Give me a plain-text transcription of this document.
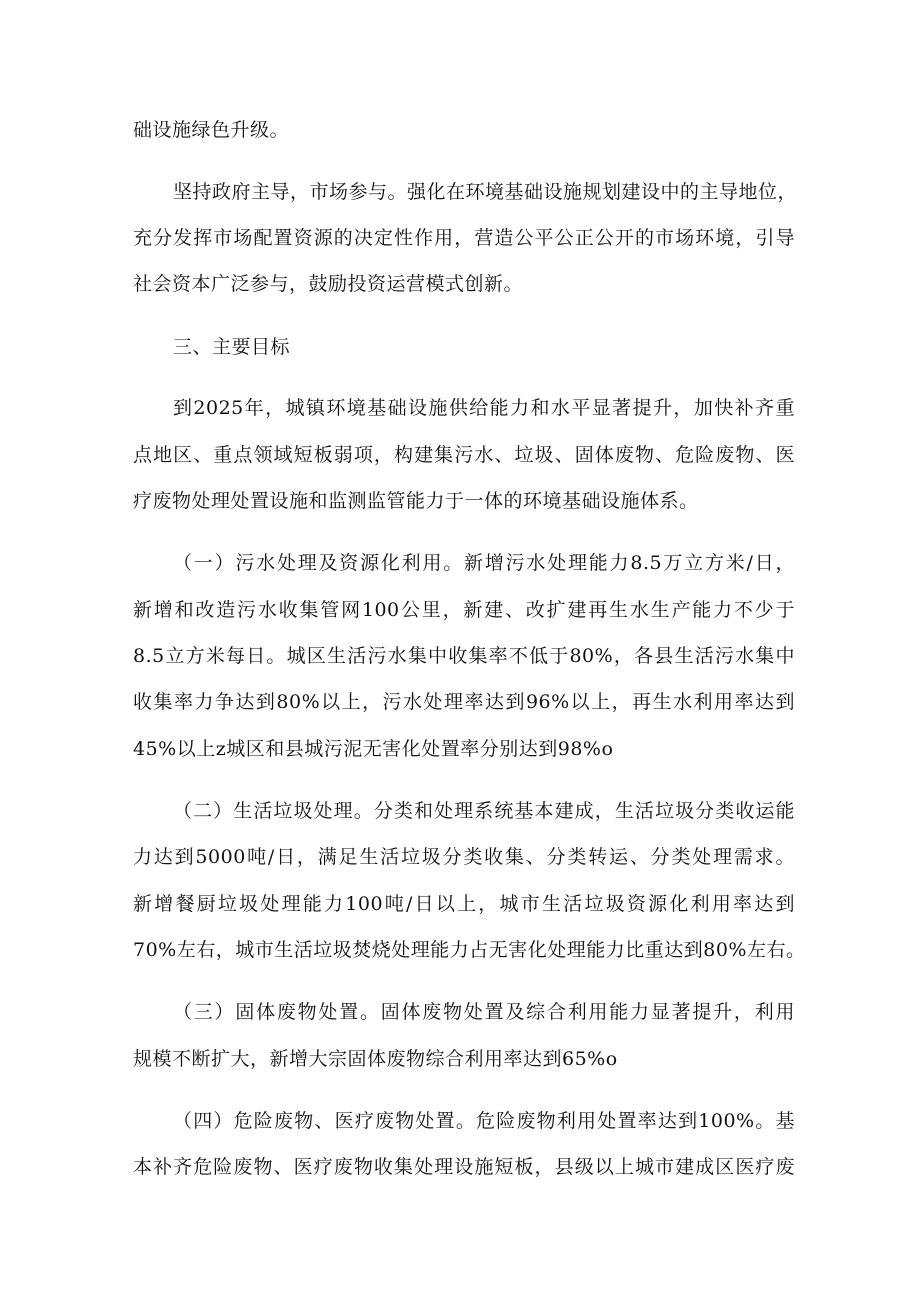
础设施绿色升级。
坚持政府主导，市场参与。强化在环境基础设施规划建设中的主导地位，
充分发挥市场配置资源的决定性作用，营造公平公正公开的市场环境，引导
社会资本广泛参与，鼓励投资运营模式创新。
三、主要目标
到2025年，城镇环境基础设施供给能力和水平显著提升，加快补齐重
点地区、重点领域短板弱项，构建集污水、垃圾、固体废物、危险废物、医
疗废物处理处置设施和监测监管能力于一体的环境基础设施体系。
（一）污水处理及资源化利用。新增污水处理能力8.5万立方米/日，
新增和改造污水收集管网100公里，新建、改扩建再生水生产能力不少于
8.5立方米每日。城区生活污水集中收集率不低于80%，各县生活污水集中
收集率力争达到80%以上，污水处理率达到96%以上，再生水利用率达到
45%以上z城区和县城污泥无害化处置率分别达到98%o
（二）生活垃圾处理。分类和处理系统基本建成，生活垃圾分类收运能
力达到5000吨/日，满足生活垃圾分类收集、分类转运、分类处理需求。
新增餐厨垃圾处理能力100吨/日以上，城市生活垃圾资源化利用率达到
70%左右，城市生活垃圾焚烧处理能力占无害化处理能力比重达到80%左右。
（三）固体废物处置。固体废物处置及综合利用能力显著提升，利用
规模不断扩大，新增大宗固体废物综合利用率达到65%o
（四）危险废物、医疗废物处置。危险废物利用处置率达到100%。基
本补齐危险废物、医疗废物收集处理设施短板，县级以上城市建成区医疗废
